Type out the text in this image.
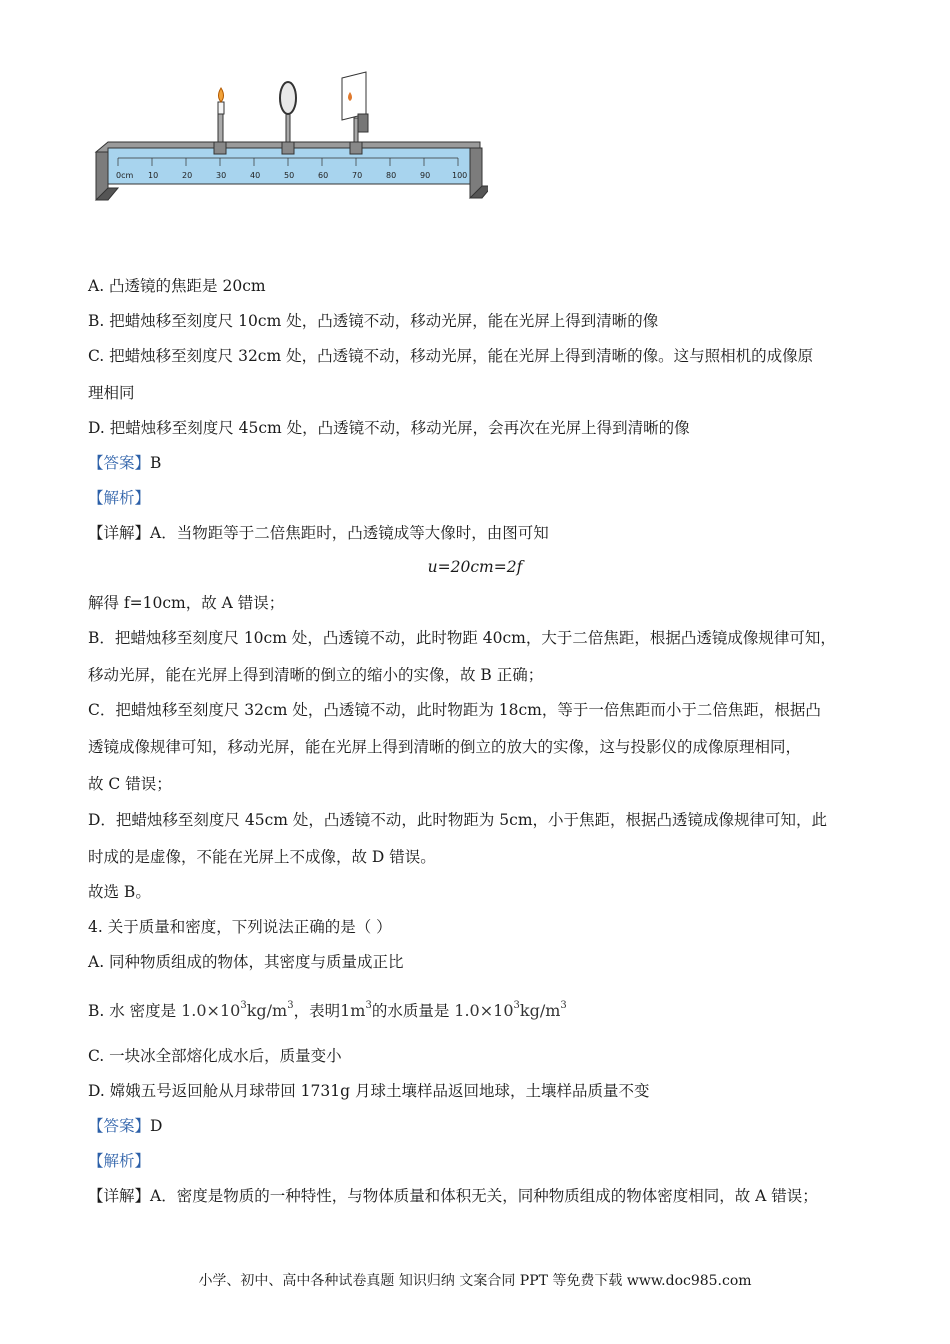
0cm 10	20	30	40	50	60	70	80	90	100
A. 凸透镜的焦距是 20cm
B. 把蜡烛移至刻度尺 10cm 处，凸透镜不动，移动光屏，能在光屏上得到清晰的像
C. 把蜡烛移至刻度尺 32cm 处，凸透镜不动，移动光屏，能在光屏上得到清晰的像。这与照相机的成像原
理相同
D. 把蜡烛移至刻度尺 45cm 处，凸透镜不动，移动光屏，会再次在光屏上得到清晰的像
【答案】B
【解析】
【详解】A．当物距等于二倍焦距时，凸透镜成等大像时，由图可知
u=20cm=2f
解得 f=10cm，故 A 错误；
B．把蜡烛移至刻度尺 10cm 处，凸透镜不动，此时物距 40cm，大于二倍焦距，根据凸透镜成像规律可知，
移动光屏，能在光屏上得到清晰的倒立的缩小的实像，故 B 正确；
C．把蜡烛移至刻度尺 32cm 处，凸透镜不动，此时物距为 18cm，等于一倍焦距而小于二倍焦距，根据凸
透镜成像规律可知，移动光屏，能在光屏上得到清晰的倒立的放大的实像，这与投影仪的成像原理相同，
故 C 错误；
D．把蜡烛移至刻度尺 45cm 处，凸透镜不动，此时物距为 5cm，小于焦距，根据凸透镜成像规律可知，此
时成的是虚像，不能在光屏上不成像，故 D 错误。
故选 B。
4. 关于质量和密度，下列说法正确的是（ ）
A. 同种物质组成的物体，其密度与质量成正比
B. 水 密度是 $1.0\times 10^3kg/m^3$，表明$1m^3$的水质量是 $1.0\times 10^3kg/m^3$
C. 一块冰全部熔化成水后，质量变小
D. 嫦娥五号返回舱从月球带回 1731g 月球土壤样品返回地球，土壤样品质量不变
【答案】D
【解析】
【详解】A．密度是物质的一种特性，与物体质量和体积无关，同种物质组成的物体密度相同，故 A 错误；
小学、初中、高中各种试卷真题 知识归纳 文案合同 PPT 等免费下载 www.doc985.com
